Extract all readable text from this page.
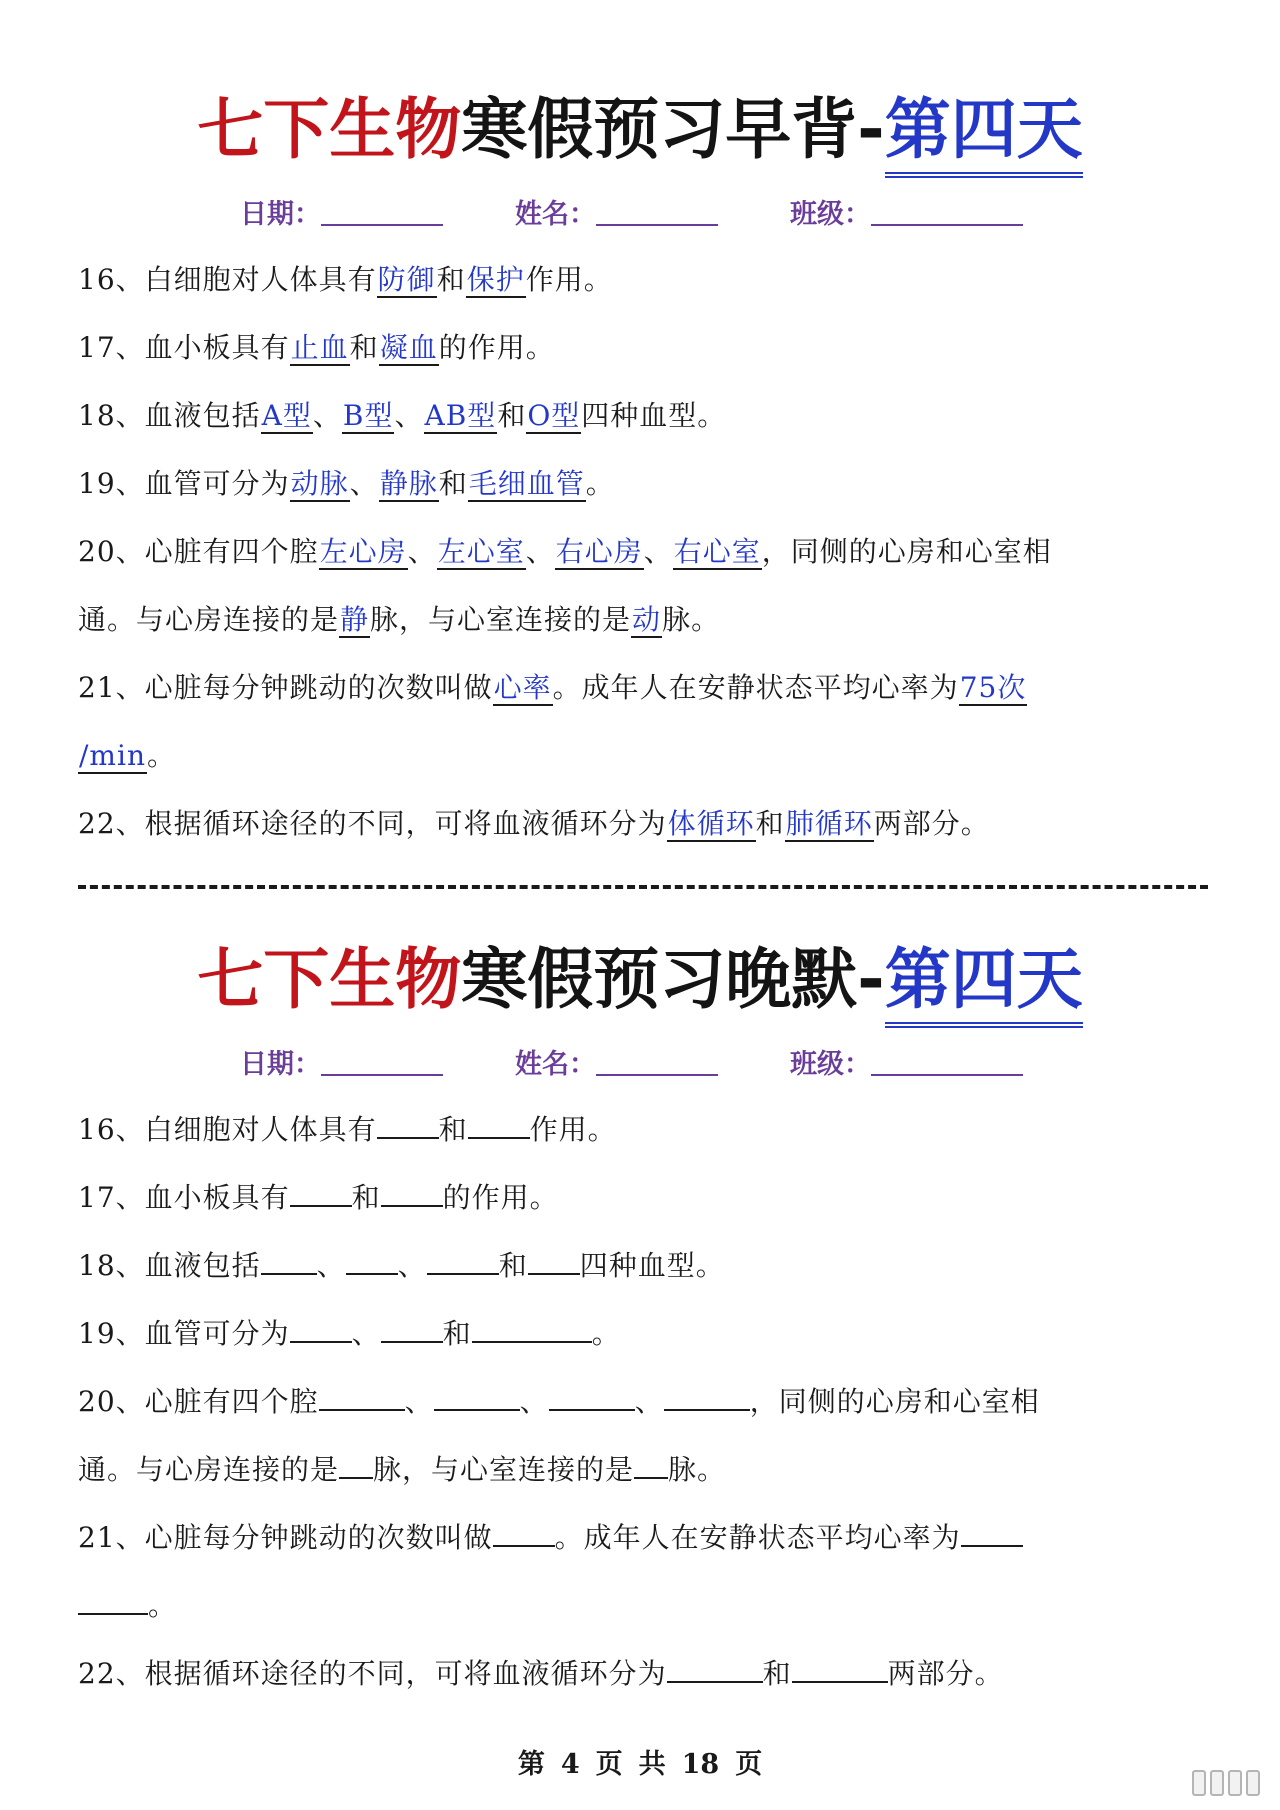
七下生物寒假预习早背-第四天
日期：	姓名：	班级：
16、白细胞对人体具有防御和保护作用。
17、血小板具有止血和凝血的作用。
18、血液包括A型、B型、AB型和O型四种血型。
19、血管可分为动脉、静脉和毛细血管。
20、心脏有四个腔左心房、左心室、右心房、右心室，同侧的心房和心室相
通。与心房连接的是静脉，与心室连接的是动脉。
21、心脏每分钟跳动的次数叫做心率。成年人在安静状态平均心率为75次
/min。
22、根据循环途径的不同，可将血液循环分为体循环和肺循环两部分。
七下生物寒假预习晚默-第四天
日期：	姓名：	班级：
16、白细胞对人体具有 和 作用。
17、血小板具有 和 的作用。
18、血液包括 、 、	和 四种血型。
19、血管可分为 、 和	。
20、心脏有四个腔	、	、	、	，同侧的心房和心室相
通。与心房连接的是 脉，与心室连接的是 脉。
21、心脏每分钟跳动的次数叫做 。成年人在安静状态平均心率为
。
22、根据循环途径的不同，可将血液循环分为	和	两部分。
第 4 页 共 18 页
